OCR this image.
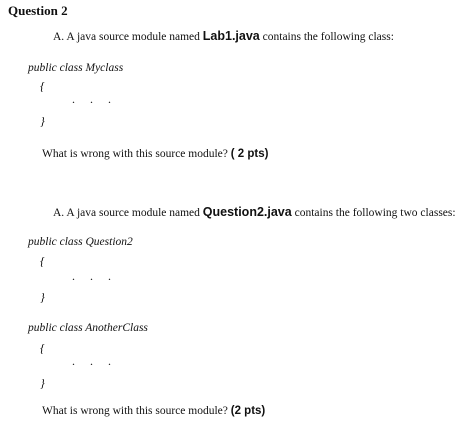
Question 2
A. A java source module named Lab1.java contains the following class:
public class Myclass
{
. . .
}
What is wrong with this source module? ( 2 pts)
A. A java source module named Question2.java contains the following two classes:
public class Question2
{
. . .
}
public class AnotherClass
{
. . .
}
What is wrong with this source module? (2 pts)
